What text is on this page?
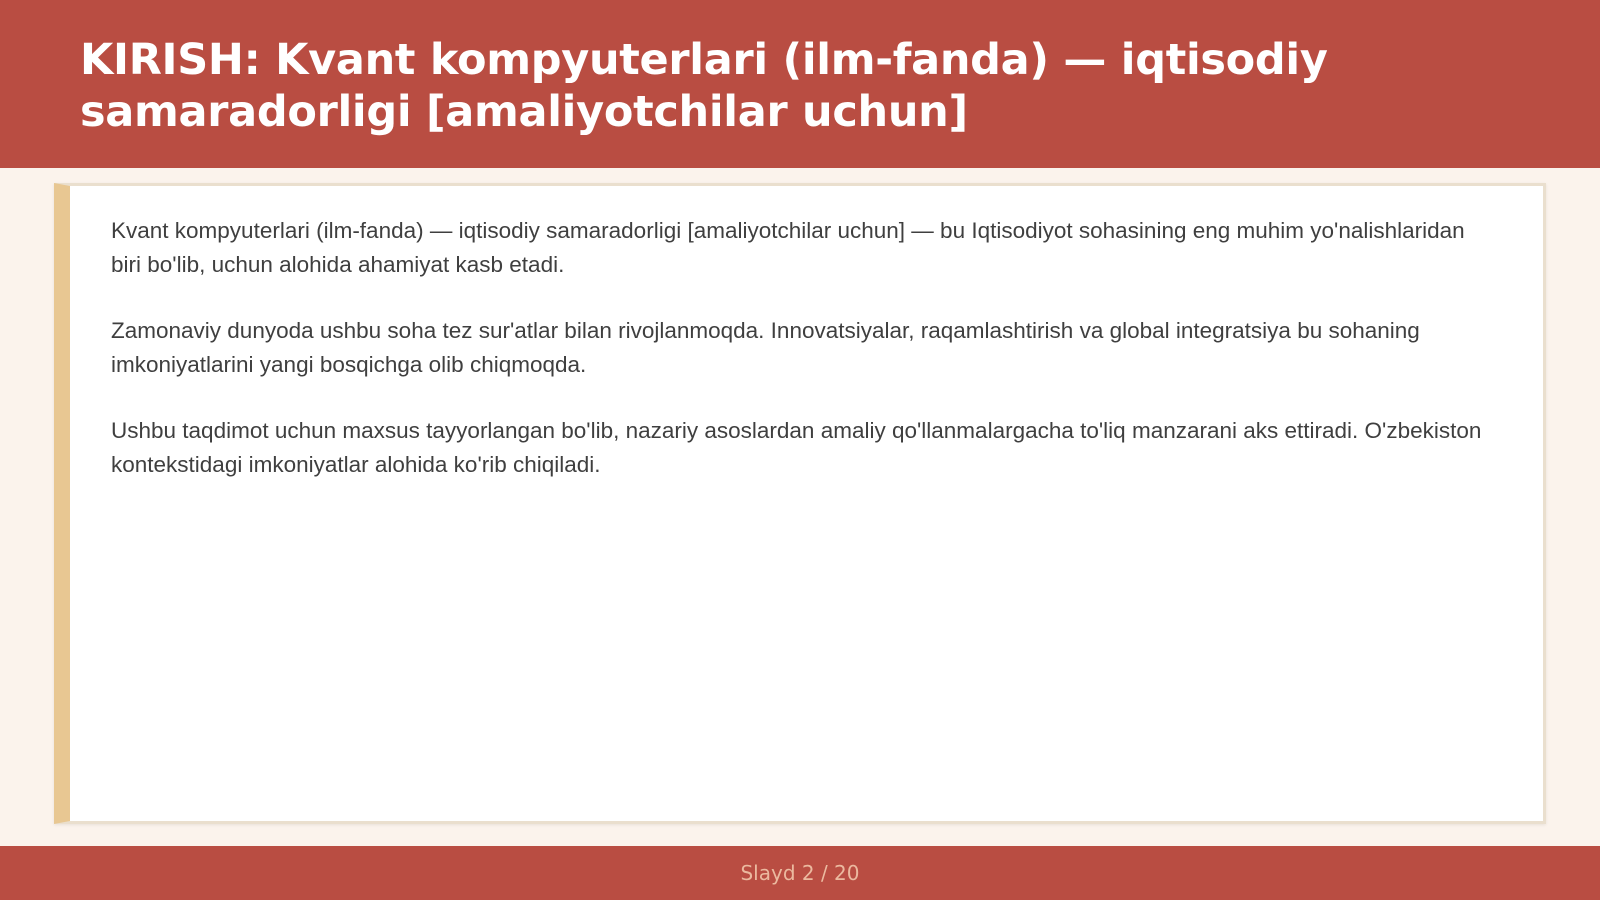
KIRISH: Kvant kompyuterlari (ilm-fanda) — iqtisodiy samaradorligi [amaliyotchilar uchun]

Kvant kompyuterlari (ilm-fanda) — iqtisodiy samaradorligi [amaliyotchilar uchun] — bu Iqtisodiyot sohasining eng muhim yo'nalishlaridan biri bo'lib, uchun alohida ahamiyat kasb etadi.

Zamonaviy dunyoda ushbu soha tez sur'atlar bilan rivojlanmoqda. Innovatsiyalar, raqamlashtirish va global integratsiya bu sohaning imkoniyatlarini yangi bosqichga olib chiqmoqda.

Ushbu taqdimot uchun maxsus tayyorlangan bo'lib, nazariy asoslardan amaliy qo'llanmalargacha to'liq manzarani aks ettiradi. O'zbekiston kontekstidagi imkoniyatlar alohida ko'rib chiqiladi.

Slayd 2 / 20
